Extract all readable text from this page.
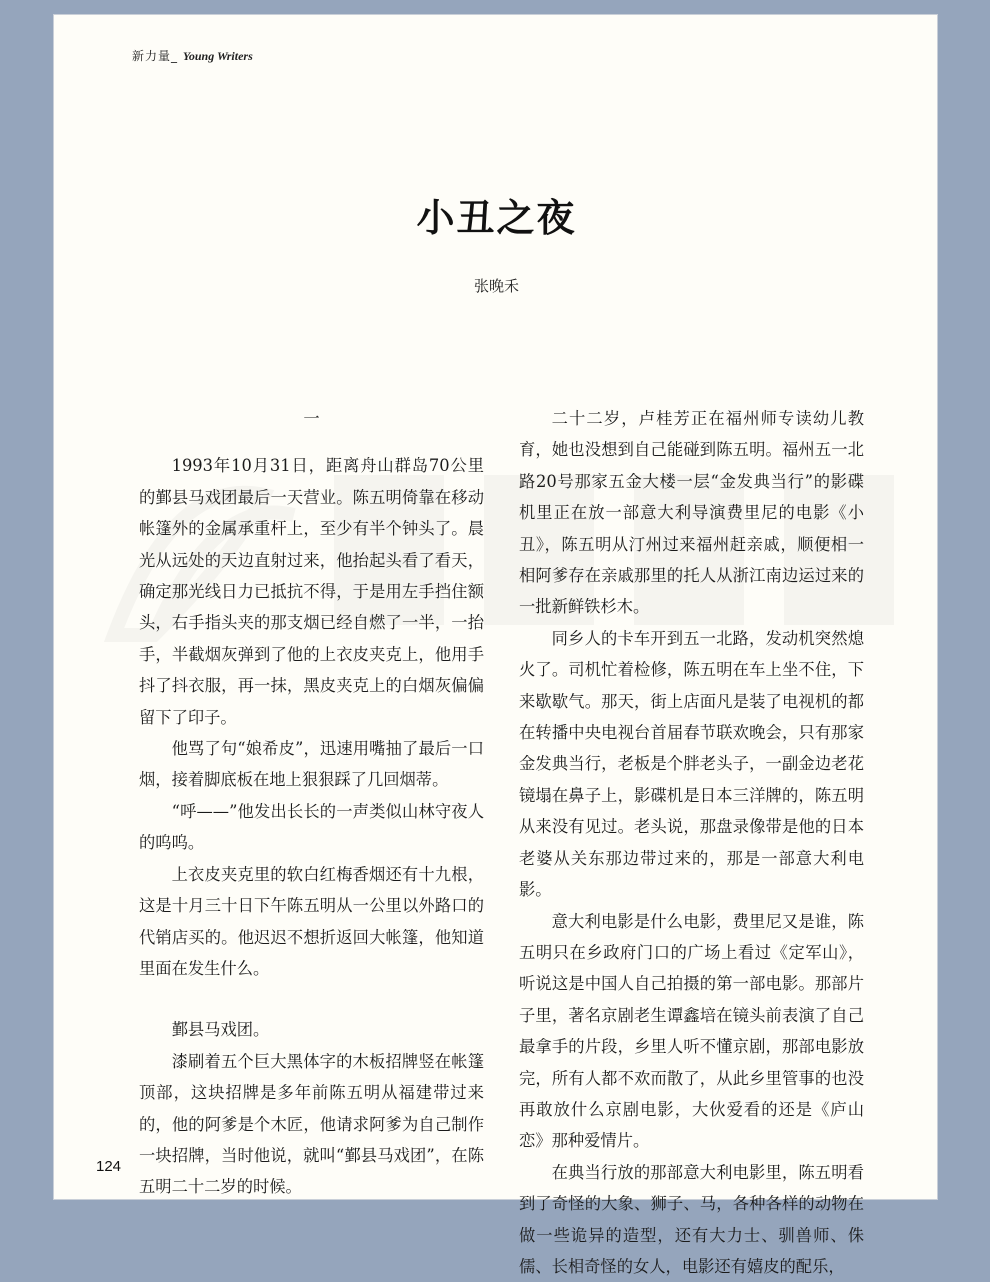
新力量_ Young Writers
小丑之夜
张晚禾

一

1993年10月31日，距离舟山群岛70公里的鄞县马戏团最后一天营业。陈五明倚靠在移动帐篷外的金属承重杆上，至少有半个钟头了。晨光从远处的天边直射过来，他抬起头看了看天，确定那光线日力已抵抗不得，于是用左手挡住额头，右手指头夹的那支烟已经自燃了一半，一抬手，半截烟灰弹到了他的上衣皮夹克上，他用手抖了抖衣服，再一抹，黑皮夹克上的白烟灰偏偏留下了印子。

他骂了句“娘希皮”，迅速用嘴抽了最后一口烟，接着脚底板在地上狠狠踩了几回烟蒂。

“呼——”他发出长长的一声类似山林守夜人的呜呜。

上衣皮夹克里的软白红梅香烟还有十九根，这是十月三十日下午陈五明从一公里以外路口的代销店买的。他迟迟不想折返回大帐篷，他知道里面在发生什么。

鄞县马戏团。

漆刷着五个巨大黑体字的木板招牌竖在帐篷顶部，这块招牌是多年前陈五明从福建带过来的，他的阿爹是个木匠，他请求阿爹为自己制作一块招牌，当时他说，就叫“鄞县马戏团”，在陈五明二十二岁的时候。

二十二岁，卢桂芳正在福州师专读幼儿教育，她也没想到自己能碰到陈五明。福州五一北路20号那家五金大楼一层“金发典当行”的影碟机里正在放一部意大利导演费里尼的电影《小丑》，陈五明从汀州过来福州赶亲戚，顺便相一相阿爹存在亲戚那里的托人从浙江南边运过来的一批新鲜铁杉木。

同乡人的卡车开到五一北路，发动机突然熄火了。司机忙着检修，陈五明在车上坐不住，下来歇歇气。那天，街上店面凡是装了电视机的都在转播中央电视台首届春节联欢晚会，只有那家金发典当行，老板是个胖老头子，一副金边老花镜塌在鼻子上，影碟机是日本三洋牌的，陈五明从来没有见过。老头说，那盘录像带是他的日本老婆从关东那边带过来的，那是一部意大利电影。

意大利电影是什么电影，费里尼又是谁，陈五明只在乡政府门口的广场上看过《定军山》，听说这是中国人自己拍摄的第一部电影。那部片子里，著名京剧老生谭鑫培在镜头前表演了自己最拿手的片段，乡里人听不懂京剧，那部电影放完，所有人都不欢而散了，从此乡里管事的也没再敢放什么京剧电影，大伙爱看的还是《庐山恋》那种爱情片。

在典当行放的那部意大利电影里，陈五明看到了奇怪的大象、狮子、马，各种各样的动物在做一些诡异的造型，还有大力士、驯兽师、侏儒、长相奇怪的女人，电影还有嬉皮的配乐，

124
